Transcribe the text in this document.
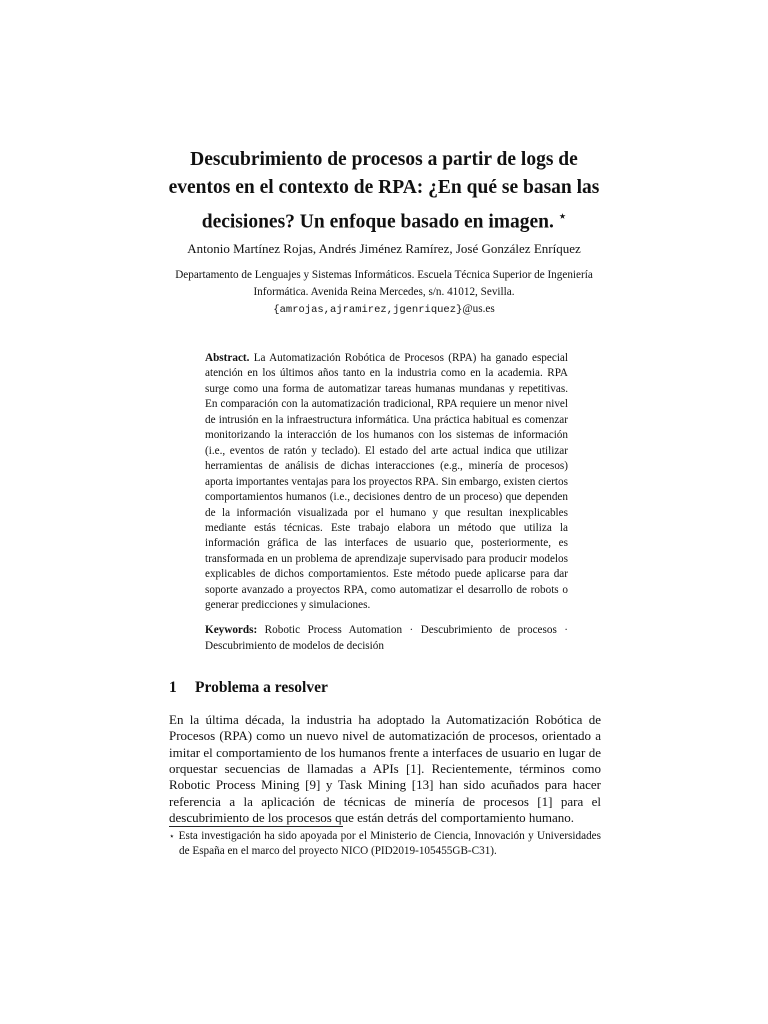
Descubrimiento de procesos a partir de logs de eventos en el contexto de RPA: ¿En qué se basan las decisiones? Un enfoque basado en imagen. ⋆
Antonio Martínez Rojas, Andrés Jiménez Ramírez, José González Enríquez
Departamento de Lenguajes y Sistemas Informáticos. Escuela Técnica Superior de Ingeniería Informática. Avenida Reina Mercedes, s/n. 41012, Sevilla.
{amrojas,ajramirez,jgenriquez}@us.es
Abstract. La Automatización Robótica de Procesos (RPA) ha ganado especial atención en los últimos años tanto en la industria como en la academia. RPA surge como una forma de automatizar tareas humanas mundanas y repetitivas. En comparación con la automatización tradicional, RPA requiere un menor nivel de intrusión en la infraestructura informática. Una práctica habitual es comenzar monitorizando la interacción de los humanos con los sistemas de información (i.e., eventos de ratón y teclado). El estado del arte actual indica que utilizar herramientas de análisis de dichas interacciones (e.g., minería de procesos) aporta importantes ventajas para los proyectos RPA. Sin embargo, existen ciertos comportamientos humanos (i.e., decisiones dentro de un proceso) que dependen de la información visualizada por el humano y que resultan inexplicables mediante estás técnicas. Este trabajo elabora un método que utiliza la información gráfica de las interfaces de usuario que, posteriormente, es transformada en un problema de aprendizaje supervisado para producir modelos explicables de dichos comportamientos. Este método puede aplicarse para dar soporte avanzado a proyectos RPA, como automatizar el desarrollo de robots o generar predicciones y simulaciones.
Keywords: Robotic Process Automation · Descubrimiento de procesos · Descubrimiento de modelos de decisión
1 Problema a resolver
En la última década, la industria ha adoptado la Automatización Robótica de Procesos (RPA) como un nuevo nivel de automatización de procesos, orientado a imitar el comportamiento de los humanos frente a interfaces de usuario en lugar de orquestar secuencias de llamadas a APIs [1]. Recientemente, términos como Robotic Process Mining [9] y Task Mining [13] han sido acuñados para hacer referencia a la aplicación de técnicas de minería de procesos [1] para el descubrimiento de los procesos que están detrás del comportamiento humano.
⋆ Esta investigación ha sido apoyada por el Ministerio de Ciencia, Innovación y Universidades de España en el marco del proyecto NICO (PID2019-105455GB-C31).
